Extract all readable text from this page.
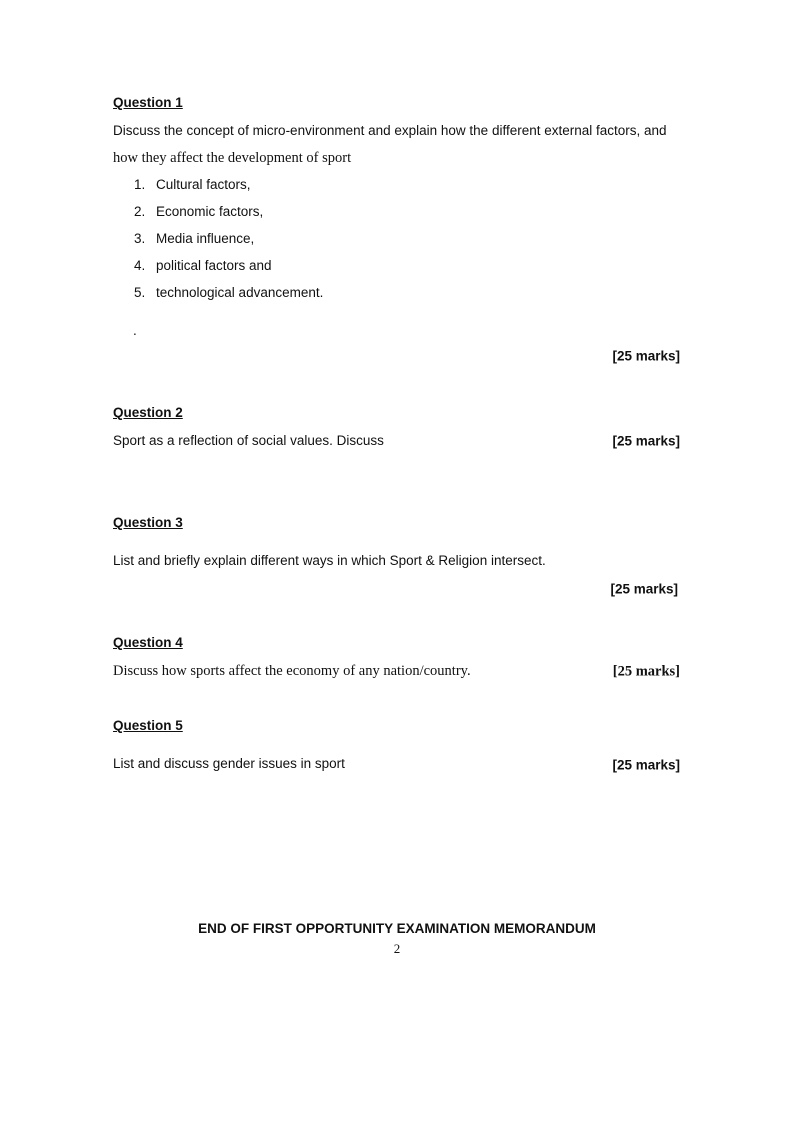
Question 1
Discuss the concept of micro-environment and explain how the different external factors, and
how they affect the development of sport
1. Cultural factors,
2. Economic factors,
3. Media influence,
4. political factors and
5. technological advancement.
.
[25 marks]
Question 2
Sport as a reflection of social values. Discuss	[25 marks]
Question 3
List and briefly explain different ways in which Sport & Religion intersect.
[25 marks]
Question 4
Discuss how sports affect the economy of any nation/country.	[25 marks]
Question 5
List and discuss gender issues in sport	[25 marks]
END OF FIRST OPPORTUNITY EXAMINATION MEMORANDUM
2
